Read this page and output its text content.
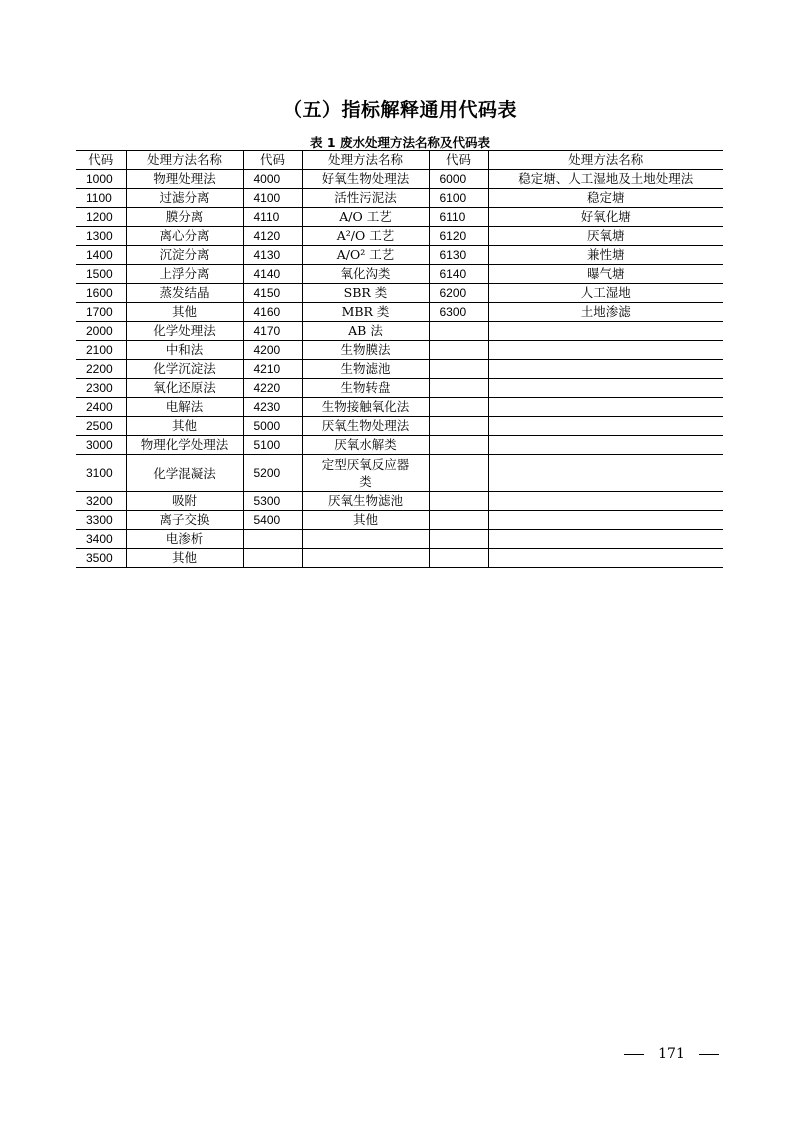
（五）指标解释通用代码表
表 1 废水处理方法名称及代码表
代码	处理方法名称	代码	处理方法名称	代码	处理方法名称
1000	物理处理法	4000	好氧生物处理法	6000	稳定塘、人工湿地及土地处理法
1100	过滤分离	4100	活性污泥法	6100	稳定塘
1200	膜分离	4110	A/O 工艺	6110	好氧化塘
1300	离心分离	4120	A²/O 工艺	6120	厌氧塘
1400	沉淀分离	4130	A/O² 工艺	6130	兼性塘
1500	上浮分离	4140	氧化沟类	6140	曝气塘
1600	蒸发结晶	4150	SBR 类	6200	人工湿地
1700	其他	4160	MBR 类	6300	土地渗滤
2000	化学处理法	4170	AB 法		
2100	中和法	4200	生物膜法		
2200	化学沉淀法	4210	生物滤池		
2300	氧化还原法	4220	生物转盘		
2400	电解法	4230	生物接触氧化法		
2500	其他	5000	厌氧生物处理法		
3000	物理化学处理法	5100	厌氧水解类		
3100	化学混凝法	5200	定型厌氧反应器类		
3200	吸附	5300	厌氧生物滤池		
3300	离子交换	5400	其他		
3400	电渗析				
3500	其他				
171
